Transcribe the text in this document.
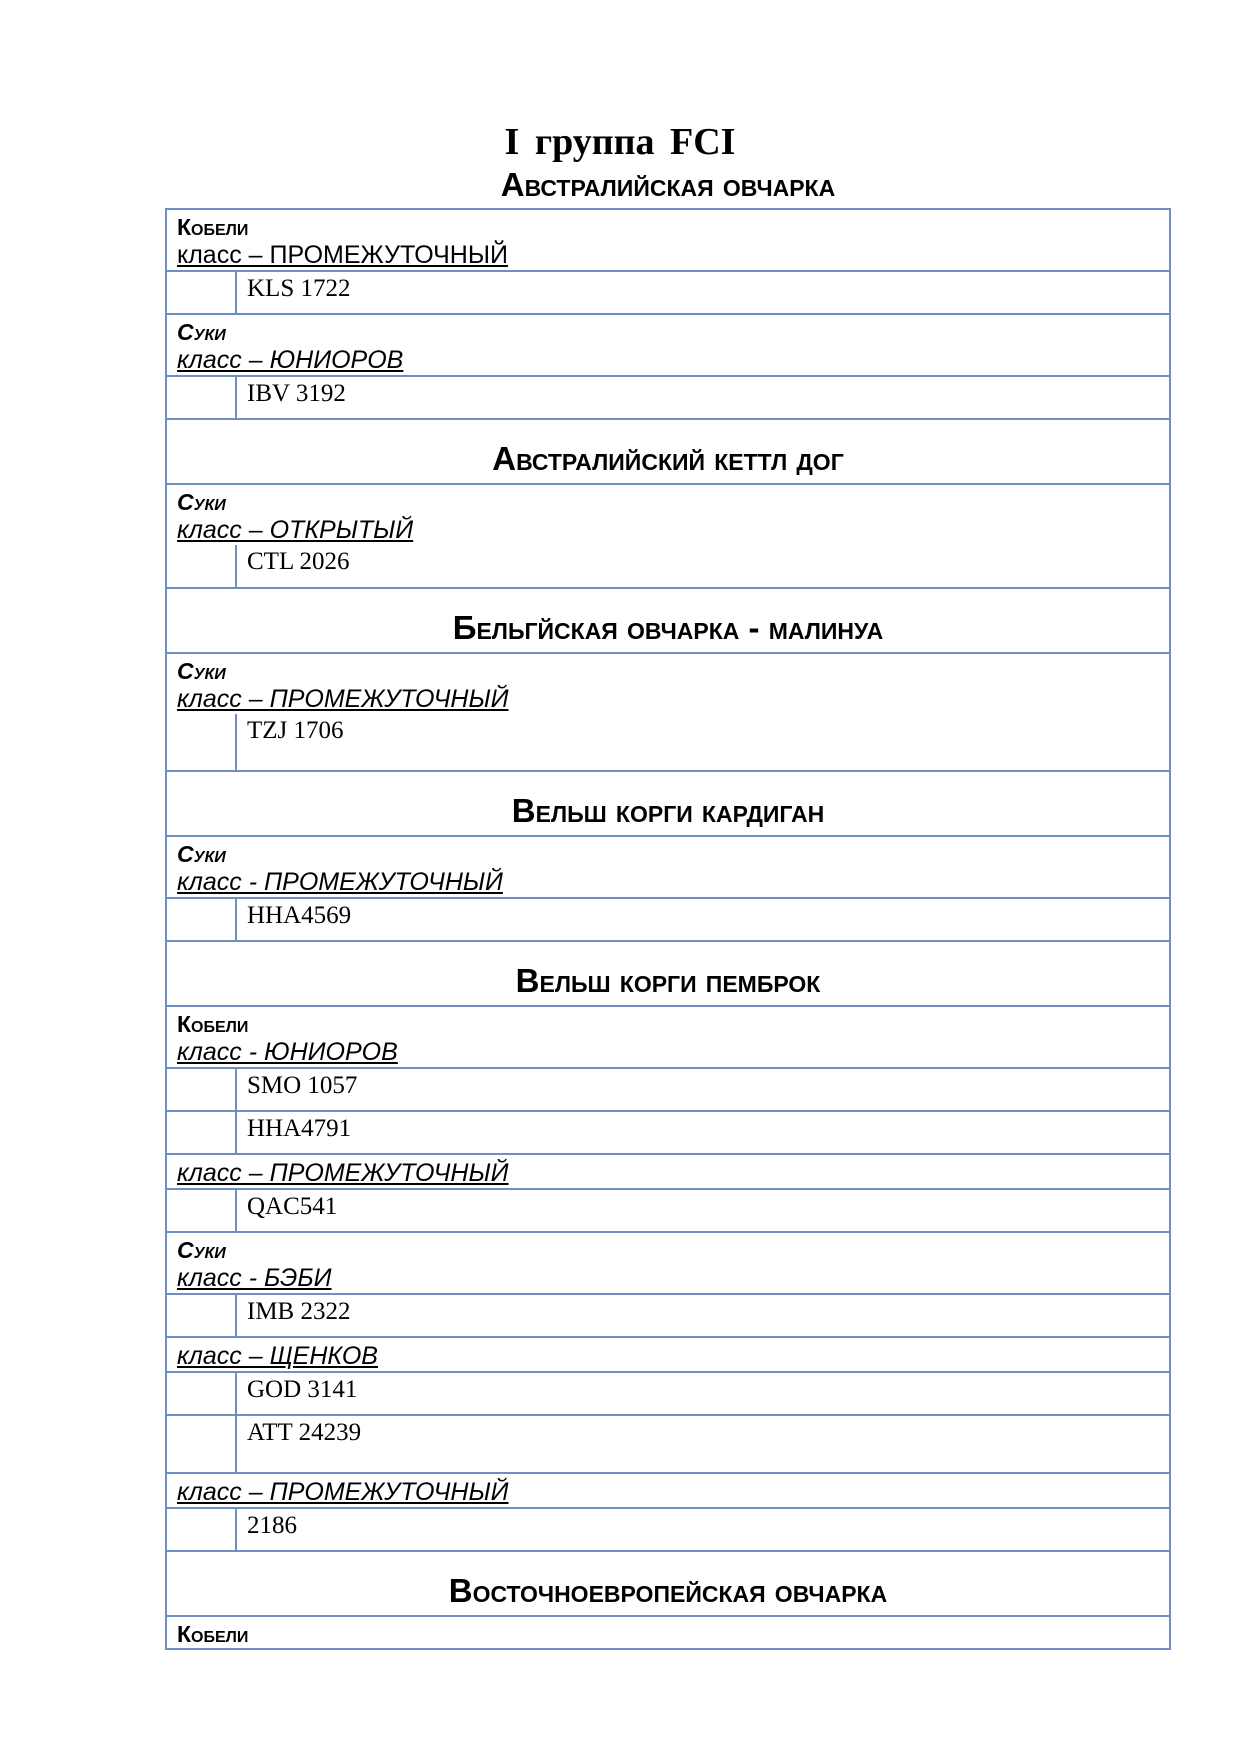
I группа FCI
Австралийская овчарка
Кобели
класс – ПРОМЕЖУТОЧНЫЙ	

	KLS 1722

Суки
класс – ЮНИОРОВ	

	IBV 3192
Австралийский кеттл дог	

Суки
класс – ОТКРЫТЫЙ	

	CTL 2026
Бельгйская овчарка - малинуа	

Суки
класс – ПРОМЕЖУТОЧНЫЙ	

	TZJ 1706
Вельш корги кардиган	

Суки
класс - ПРОМЕЖУТОЧНЫЙ	

	HHA4569
Вельш корги пемброк	

Кобели
класс - ЮНИОРОВ	

	SMO 1057
	HHA4791

класс – ПРОМЕЖУТОЧНЫЙ	

	QAC541

Суки
класс - БЭБИ	

	IMB 2322

класс – ЩЕНКОВ	

	GOD 3141
	ATT 24239

класс – ПРОМЕЖУТОЧНЫЙ	

	2186
Восточноевропейская овчарка	

Кобели	
